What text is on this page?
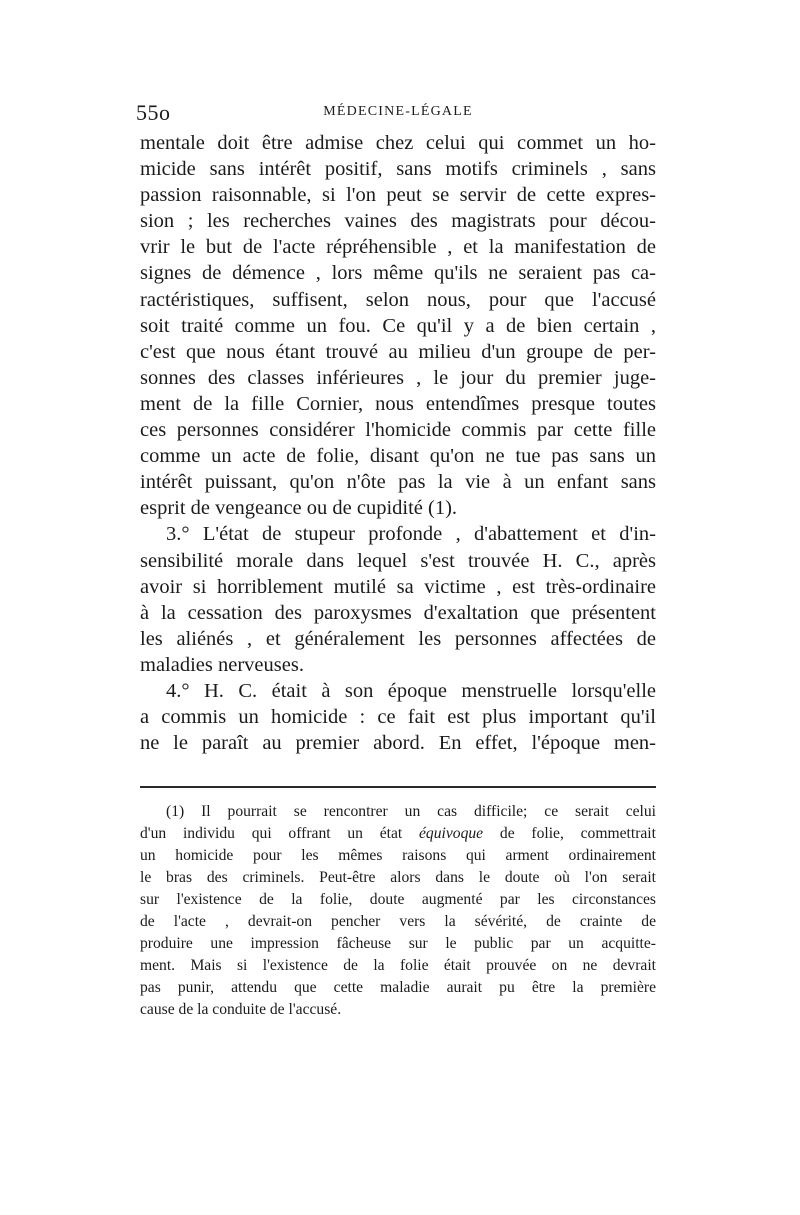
55o	MÉDECINE-LÉGALE
mentale doit être admise chez celui qui commet un ho-
micide sans intérêt positif, sans motifs criminels , sans
passion raisonnable, si l'on peut se servir de cette expres-
sion ; les recherches vaines des magistrats pour décou-
vrir le but de l'acte répréhensible , et la manifestation de
signes de démence , lors même qu'ils ne seraient pas ca-
ractéristiques, suffisent, selon nous, pour que l'accusé
soit traité comme un fou. Ce qu'il y a de bien certain ,
c'est que nous étant trouvé au milieu d'un groupe de per-
sonnes des classes inférieures , le jour du premier juge-
ment de la fille Cornier, nous entendîmes presque toutes
ces personnes considérer l'homicide commis par cette fille
comme un acte de folie, disant qu'on ne tue pas sans un
intérêt puissant, qu'on n'ôte pas la vie à un enfant sans
esprit de vengeance ou de cupidité (1).
3.° L'état de stupeur profonde , d'abattement et d'in-
sensibilité morale dans lequel s'est trouvée H. C., après
avoir si horriblement mutilé sa victime , est très-ordinaire
à la cessation des paroxysmes d'exaltation que présentent
les aliénés , et généralement les personnes affectées de
maladies nerveuses.
4.° H. C. était à son époque menstruelle lorsqu'elle
a commis un homicide : ce fait est plus important qu'il
ne le paraît au premier abord. En effet, l'époque men-
(1) Il pourrait se rencontrer un cas difficile; ce serait celui
d'un individu qui offrant un état équivoque de folie, commettrait
un homicide pour les mêmes raisons qui arment ordinairement
le bras des criminels. Peut-être alors dans le doute où l'on serait
sur l'existence de la folie, doute augmenté par les circonstances
de l'acte , devrait-on pencher vers la sévérité, de crainte de
produire une impression fâcheuse sur le public par un acquitte-
ment. Mais si l'existence de la folie était prouvée on ne devrait
pas punir, attendu que cette maladie aurait pu être la première
cause de la conduite de l'accusé.
